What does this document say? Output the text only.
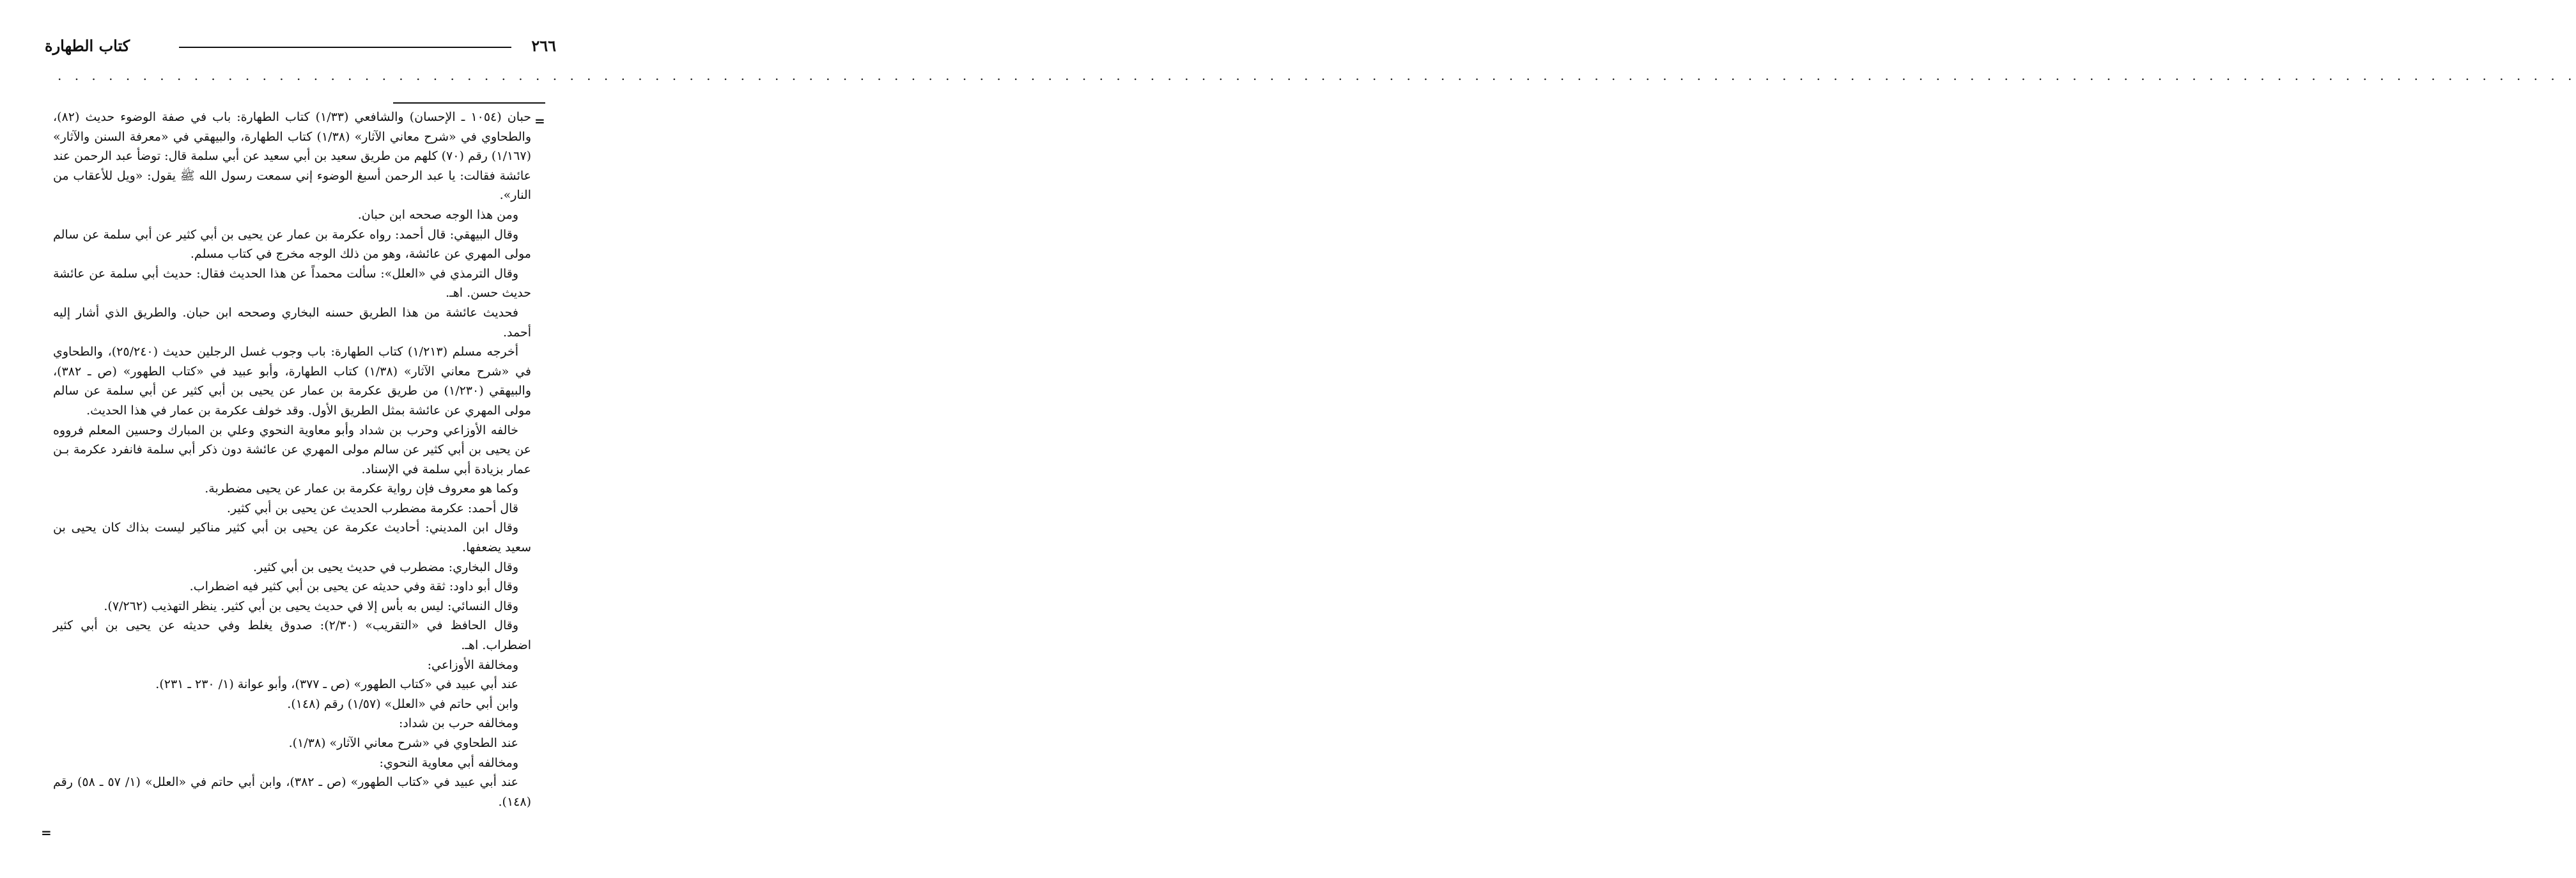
٢٦٦
كتاب الطهارة
. . . . . . . . . . . . . . . . . . . . . . . . . . . . . . . . . . . . . . . . . . . . . . . . . . . . . . . . . . . . . . . . . . . . . . . . . . . . . . . . . . . . . . . . . . . . . . . . . . . . . . . . . . . . . . . . . . . . . . . . . . . . . . . . . . . . . . . . . . . . . . . . . . . .
=

حبان (١٠٥٤ ـ الإحسان) والشافعي (١/٣٣) كتاب الطهارة: باب في صفة الوضوء حديث (٨٢)، والطحاوي في «شرح معاني الآثار» (١/٣٨) كتاب الطهارة، والبيهقي في «معرفة السنن والآثار» (١/١٦٧) رقم (٧٠) كلهم من طريق سعيد بن أبي سعيد عن أبي سلمة قال: توضأ عبد الرحمن عند عائشة فقالت: يا عبد الرحمن أسبغ الوضوء إني سمعت رسول الله ﷺ يقول: «ويل للأعقاب من النار».

ومن هذا الوجه صححه ابن حبان.

وقال البيهقي: قال أحمد: رواه عكرمة بن عمار عن يحيى بن أبي كثير عن أبي سلمة عن سالم مولى المهري عن عائشة، وهو من ذلك الوجه مخرج في كتاب مسلم.

وقال الترمذي في «العلل»: سألت محمداً عن هذا الحديث فقال: حديث أبي سلمة عن عائشة حديث حسن. اهـ.

فحديث عائشة من هذا الطريق حسنه البخاري وصححه ابن حبان. والطريق الذي أشار إليه أحمد.

أخرجه مسلم (١/٢١٣) كتاب الطهارة: باب وجوب غسل الرجلين حديث (٢٥/٢٤٠)، والطحاوي في «شرح معاني الآثار» (١/٣٨) كتاب الطهارة، وأبو عبيد في «كتاب الطهور» (ص ـ ٣٨٢)، والبيهقي (١/٢٣٠) من طريق عكرمة بن عمار عن يحيى بن أبي كثير عن أبي سلمة عن سالم مولى المهري عن عائشة بمثل الطريق الأول. وقد خولف عكرمة بن عمار في هذا الحديث.

خالفه الأوزاعي وحرب بن شداد وأبو معاوية النحوي وعلي بن المبارك وحسين المعلم فرووه عن يحيى بن أبي كثير عن سالم مولى المهري عن عائشة دون ذكر أبي سلمة فانفرد عكرمة بـن عمار بزيادة أبي سلمة في الإسناد.

وكما هو معروف فإن رواية عكرمة بن عمار عن يحيى مضطربة.

قال أحمد: عكرمة مضطرب الحديث عن يحيى بن أبي كثير.

وقال ابن المديني: أحاديث عكرمة عن يحيى بن أبي كثير مناكير ليست بذاك كان يحيى بن سعيد يضعفها.

وقال البخاري: مضطرب في حديث يحيى بن أبي كثير.

وقال أبو داود: ثقة وفي حديثه عن يحيى بن أبي كثير فيه اضطراب.

وقال النسائي: ليس به بأس إلا في حديث يحيى بن أبي كثير. ينظر التهذيب (٧/٢٦٢).

وقال الحافظ في «التقريب» (٢/٣٠): صدوق يغلط وفي حديثه عن يحيى بن أبي كثير اضطراب. اهـ.

ومخالفة الأوزاعي:

عند أبي عبيد في «كتاب الطهور» (ص ـ ٣٧٧)، وأبو عوانة (١/ ٢٣٠ ـ ٢٣١).

وابن أبي حاتم في «العلل» (١/٥٧) رقم (١٤٨).

ومخالفه حرب بن شداد:

عند الطحاوي في «شرح معاني الآثار» (١/٣٨).

ومخالفه أبي معاوية النحوي:

عند أبي عبيد في «كتاب الطهور» (ص ـ ٣٨٢)، وابن أبي حاتم في «العلل» (١/ ٥٧ ـ ٥٨) رقم (١٤٨).

=
